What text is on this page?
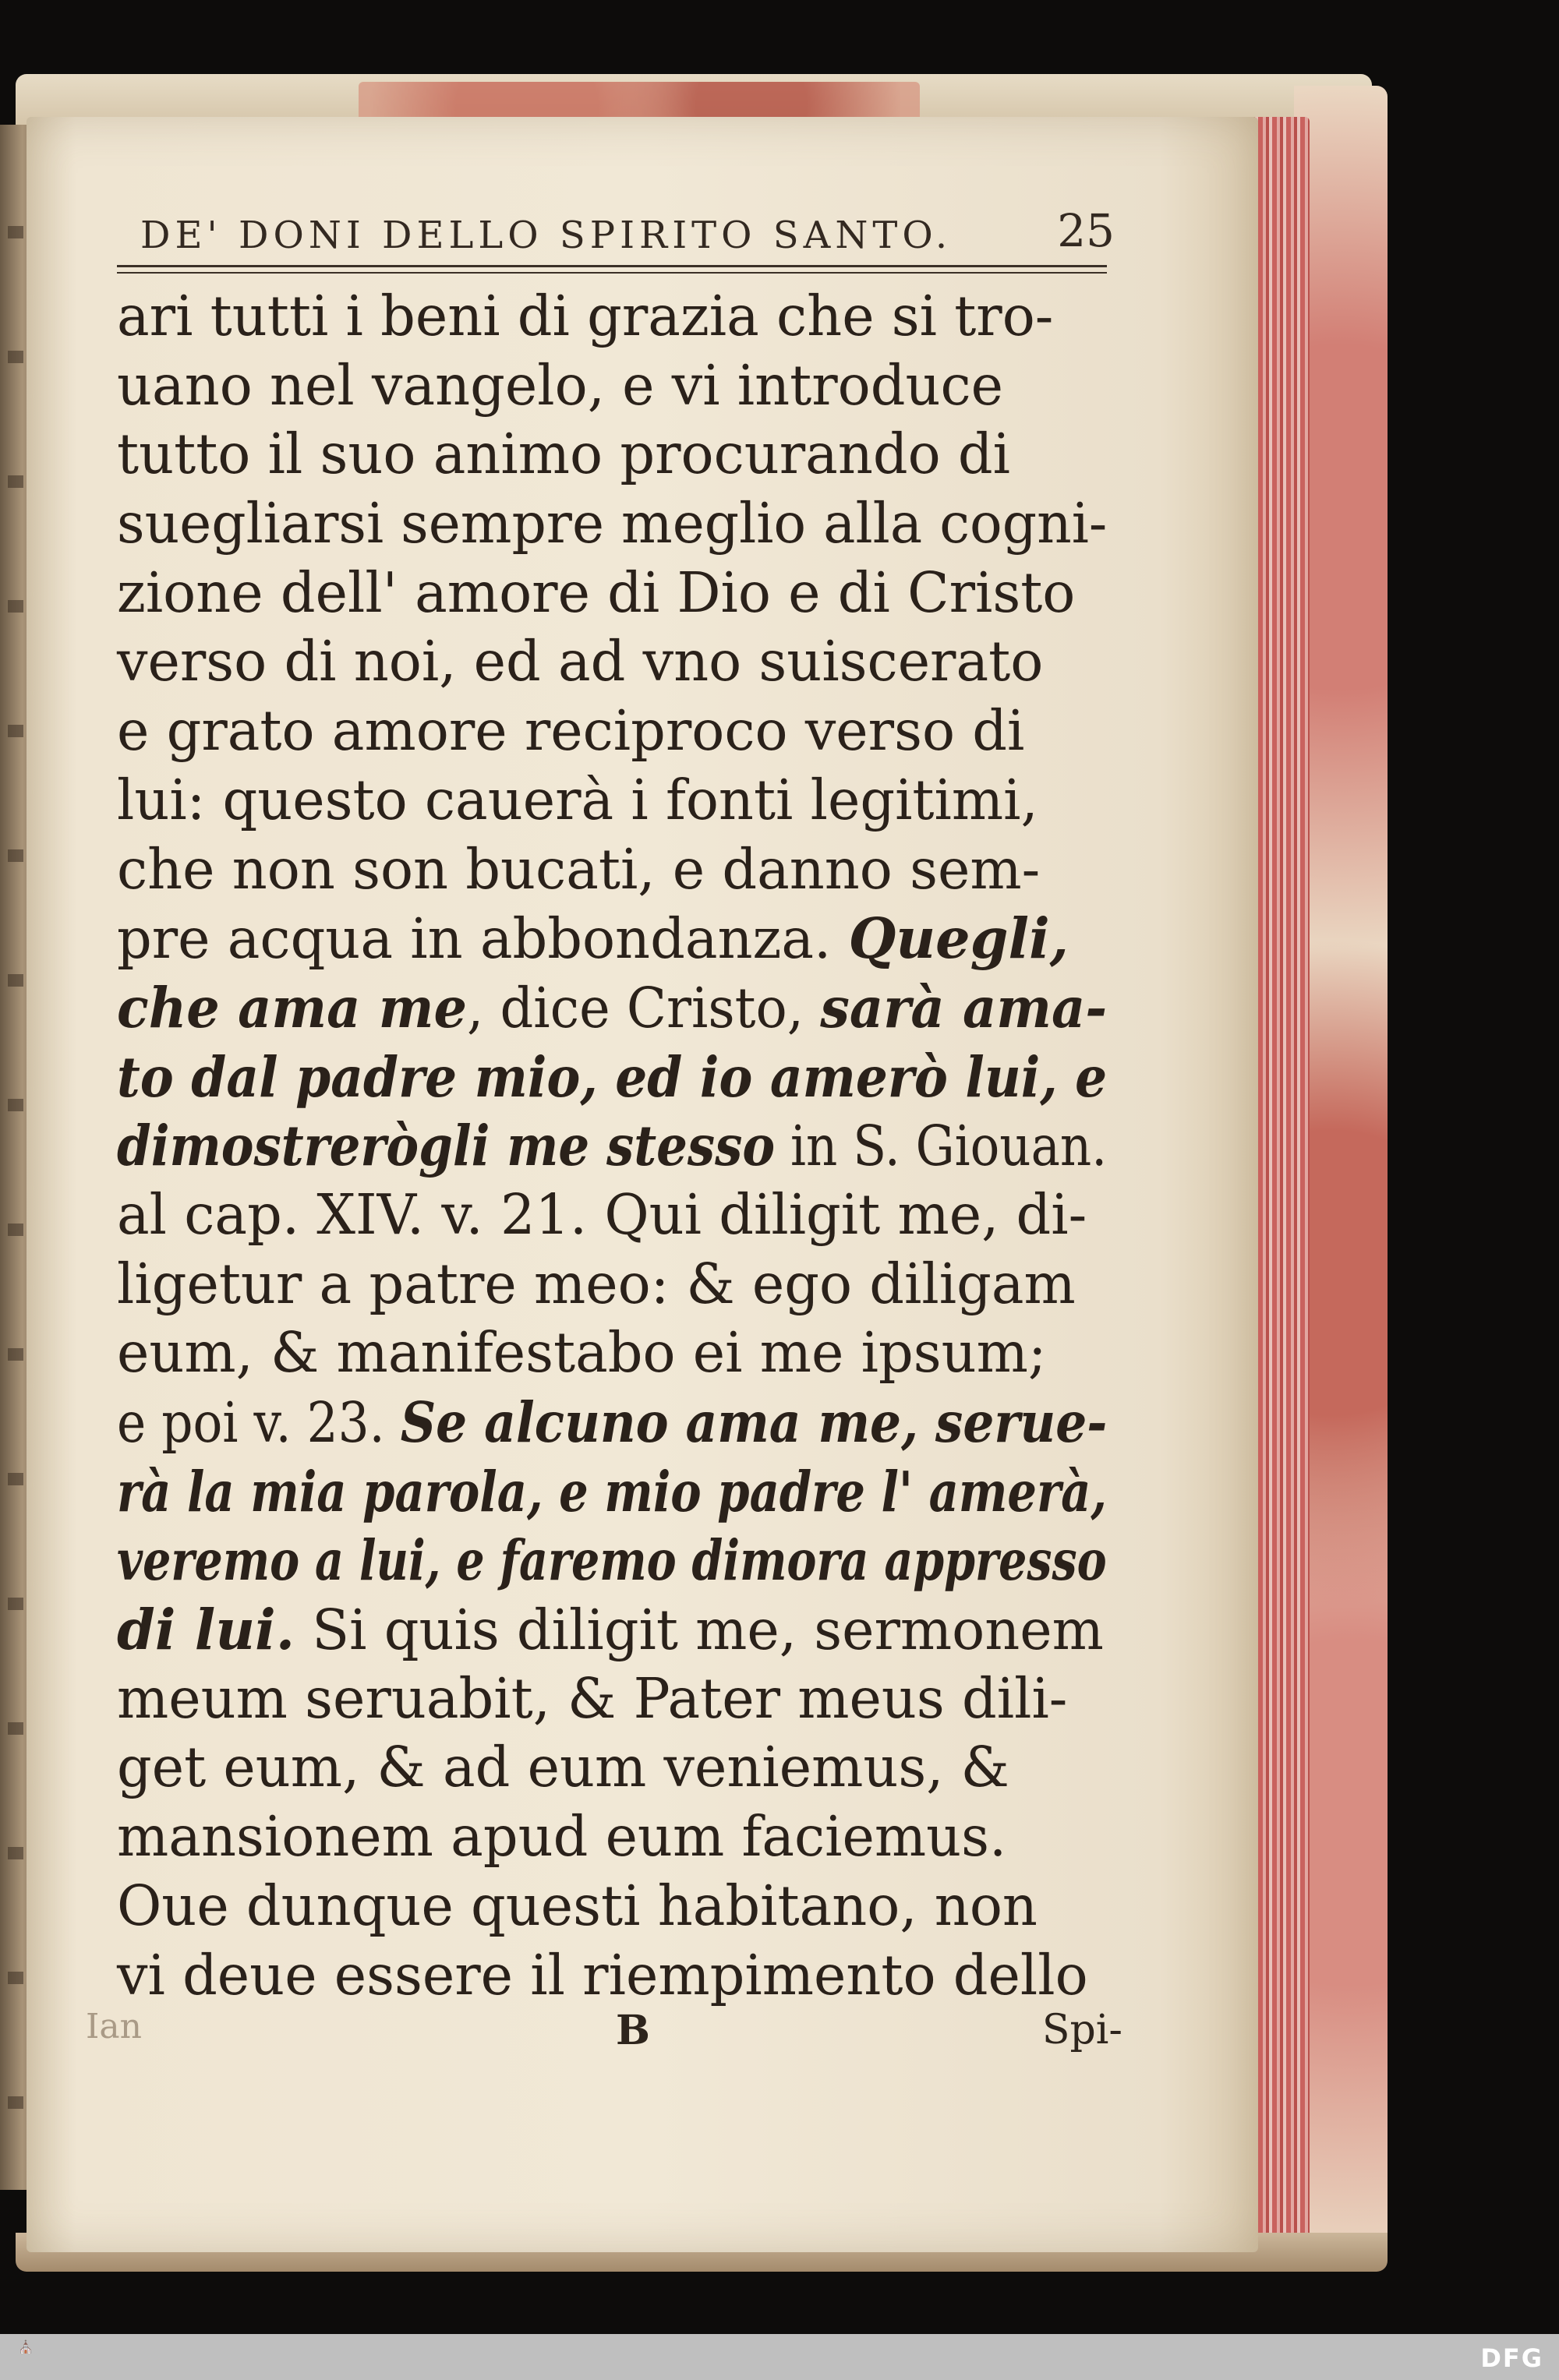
DE' DONI DELLO SPIRITO SANTO. 25
ari tutti i beni di grazia che si tro-
uano nel vangelo, e vi introduce
tutto il suo animo procurando di
suegliarsi sempre meglio alla cogni-
zione dell' amore di Dio e di Cristo
verso di noi, ed ad vno suiscerato
e grato amore reciproco verso di
lui: questo cauerà i fonti legitimi,
che non son bucati, e danno sem-
pre acqua in abbondanza. Quegli,
che ama me, dice Cristo, sarà ama-
to dal padre mio, ed io amerò lui, e
dimostrerògli me stesso in S. Giouan.
al cap. XIV. v. 21. Qui diligit me, di-
ligetur a patre meo: & ego diligam
eum, & manifestabo ei me ipsum;
e poi v. 23. Se alcuno ama me, serue-
rà la mia parola, e mio padre l' amerà,
veremo a lui, e faremo dimora appresso
di lui. Si quis diligit me, sermonem
meum seruabit, & Pater meus dili-
get eum, & ad eum veniemus, &
mansionem apud eum faciemus.
Oue dunque questi habitano, non
vi deue essere il riempimento dello
Ian	B	Spi-
⛪	DFG
